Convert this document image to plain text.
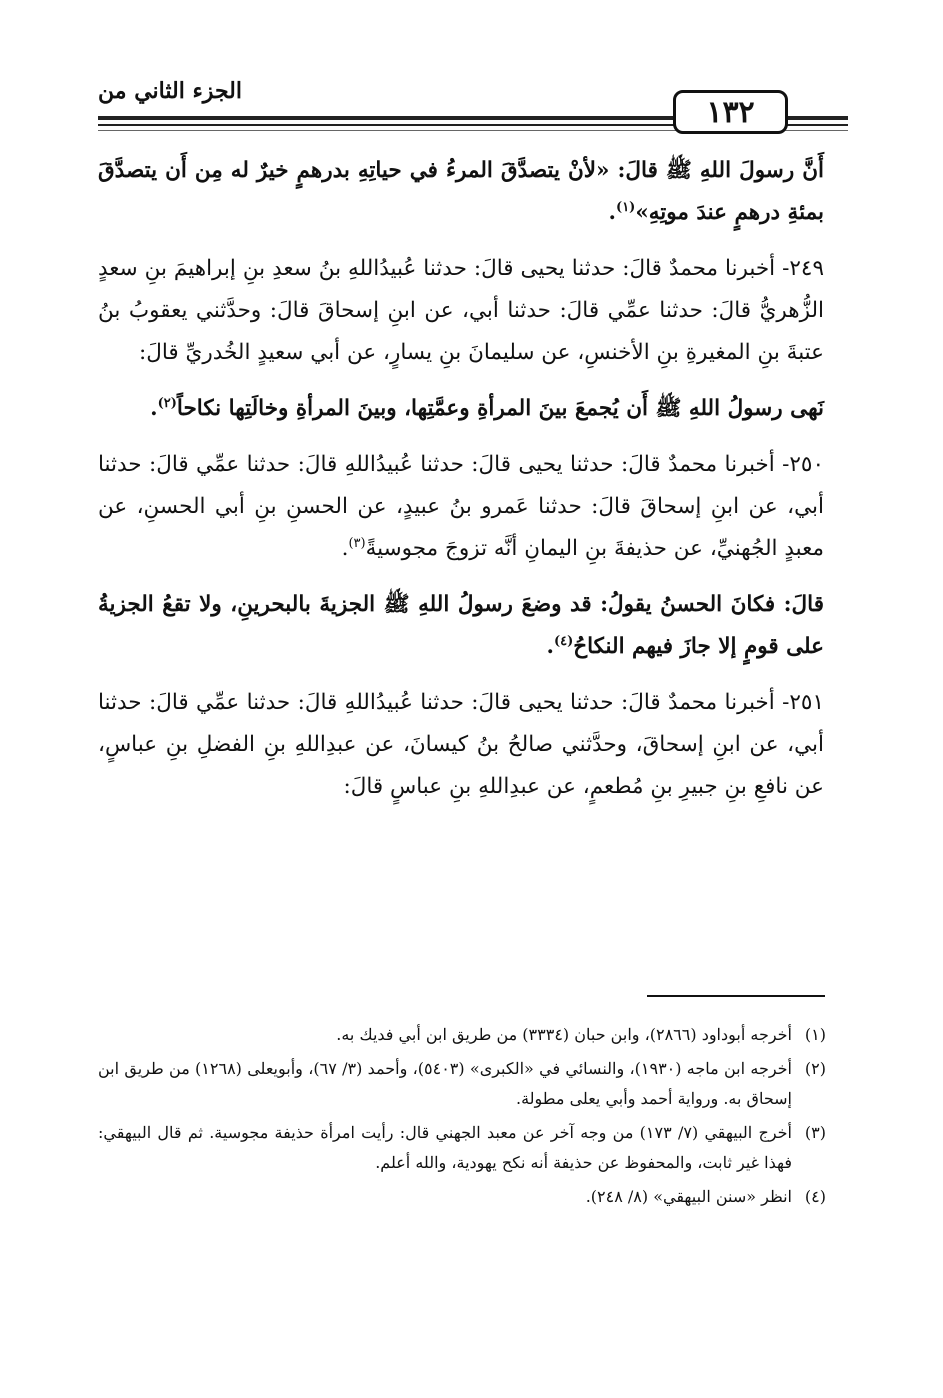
الجزء الثاني من
١٣٢

أَنَّ رسولَ اللهِ ﷺ قالَ: «لأنْ يتصدَّقَ المرءُ في حياتِهِ بدرهمٍ خيرٌ له مِن أَن يتصدَّقَ بمئةِ درهمٍ عندَ موتِهِ»$^{(١)}$.

٢٤٩- أخبرنا محمدٌ قالَ: حدثنا يحيى قالَ: حدثنا عُبيدُاللهِ بنُ سعدِ بنِ إبراهيمَ بنِ سعدٍ الزُّهريُّ قالَ: حدثنا عمِّي قالَ: حدثنا أبي، عن ابنِ إسحاقَ قالَ: وحدَّثني يعقوبُ بنُ عتبةَ بنِ المغيرةِ بنِ الأخنسِ، عن سليمانَ بنِ يسارٍ، عن أبي سعيدٍ الخُدريِّ قالَ:

نَهى رسولُ اللهِ ﷺ أَن يُجمعَ بينَ المرأةِ وعمَّتِها، وبينَ المرأةِ وخالَتِها نكاحاً$^{(٢)}$.

٢٥٠- أخبرنا محمدٌ قالَ: حدثنا يحيى قالَ: حدثنا عُبيدُاللهِ قالَ: حدثنا عمِّي قالَ: حدثنا أبي، عن ابنِ إسحاقَ قالَ: حدثنا عَمرو بنُ عبيدٍ، عن الحسنِ بنِ أبي الحسنِ، عن معبدٍ الجُهنيِّ، عن حذيفةَ بنِ اليمانِ أنَّه تزوجَ مجوسيةً$^{(٣)}$.

قالَ: فكانَ الحسنُ يقولُ: قد وضعَ رسولُ اللهِ ﷺ الجزيةَ بالبحرينِ، ولا تقعُ الجزيةُ على قومٍ إلا جازَ فيهم النكاحُ$^{(٤)}$.

٢٥١- أخبرنا محمدٌ قالَ: حدثنا يحيى قالَ: حدثنا عُبيدُاللهِ قالَ: حدثنا عمِّي قالَ: حدثنا أبي، عن ابنِ إسحاقَ، وحدَّثني صالحُ بنُ كيسانَ، عن عبدِاللهِ بنِ الفضلِ بنِ عباسٍ، عن نافعِ بنِ جبيرِ بنِ مُطعمٍ، عن عبدِاللهِ بنِ عباسٍ قالَ:

(١)
أخرجه أبوداود (٢٨٦٦)، وابن حبان (٣٣٣٤) من طريق ابن أبي فديك به.
(٢)
أخرجه ابن ماجه (١٩٣٠)، والنسائي في «الكبرى» (٥٤٠٣)، وأحمد (٣/ ٦٧)، وأبويعلى (١٢٦٨) من طريق ابن إسحاق به. ورواية أحمد وأبي يعلى مطولة.
(٣)
أخرج البيهقي (٧/ ١٧٣) من وجه آخر عن معبد الجهني قال: رأيت امرأة حذيفة مجوسية. ثم قال البيهقي: فهذا غير ثابت، والمحفوظ عن حذيفة أنه نكح يهودية، والله أعلم.
(٤)
انظر «سنن البيهقي» (٨/ ٢٤٨).
